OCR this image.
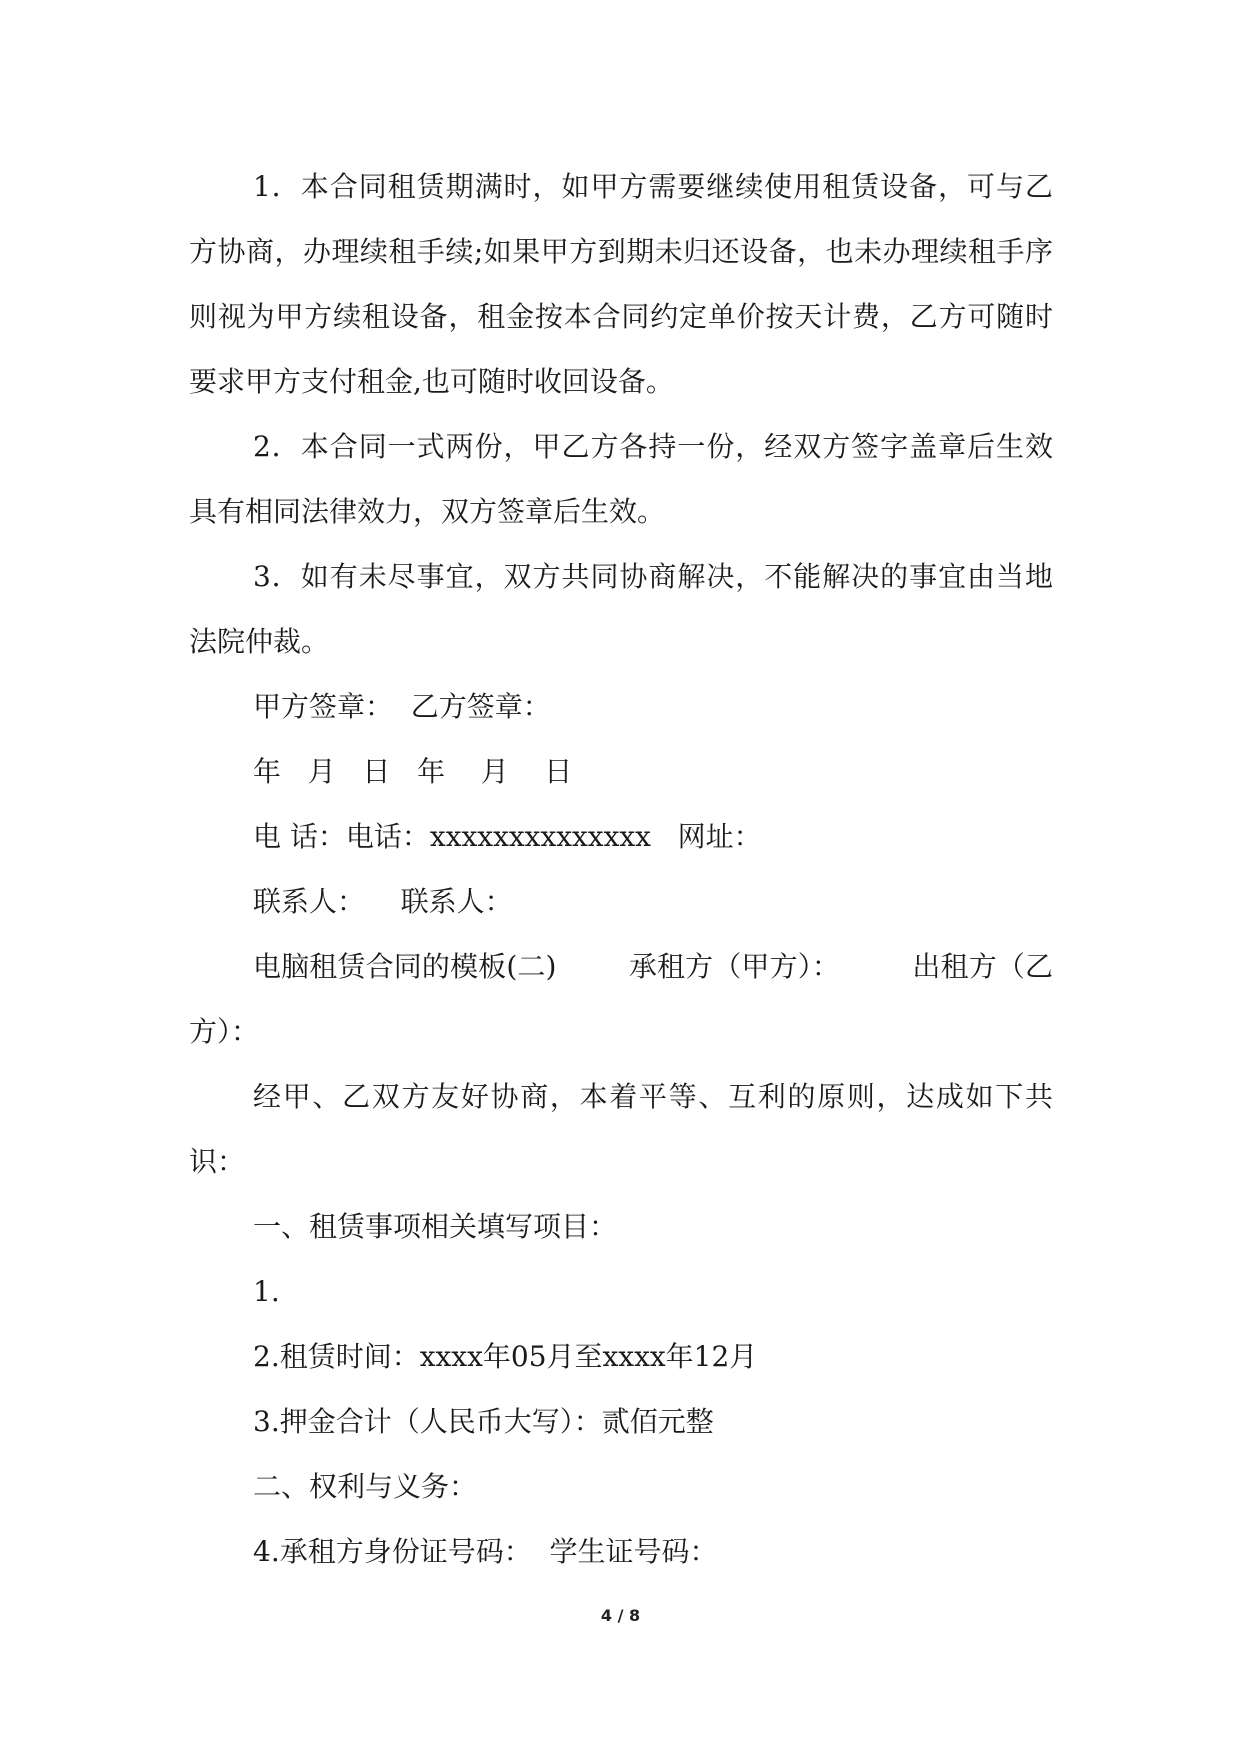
1．本合同租赁期满时，如甲方需要继续使用租赁设备，可与乙方协商，办理续租手续;如果甲方到期未归还设备，也未办理续租手序则视为甲方续租设备，租金按本合同约定单价按天计费，乙方可随时要求甲方支付租金,也可随时收回设备。

2．本合同一式两份，甲乙方各持一份，经双方签字盖章后生效具有相同法律效力，双方签章后生效。

3．如有未尽事宜，双方共同协商解决，不能解决的事宜由当地法院仲裁。

甲方签章：  乙方签章：

年   月   日   年    月    日

电 话：电话：xxxxxxxxxxxxxx   网址：

联系人：    联系人：

电脑租赁合同的模板(二)        承租方（甲方）：        出租方（乙方）：

经甲、乙双方友好协商，本着平等、互利的原则，达成如下共识：

一、租赁事项相关填写项目：

1.

2.租赁时间：xxxx年05月至xxxx年12月

3.押金合计（人民币大写）：贰佰元整

二、权利与义务：

4.承租方身份证号码：  学生证号码：

4 / 8
